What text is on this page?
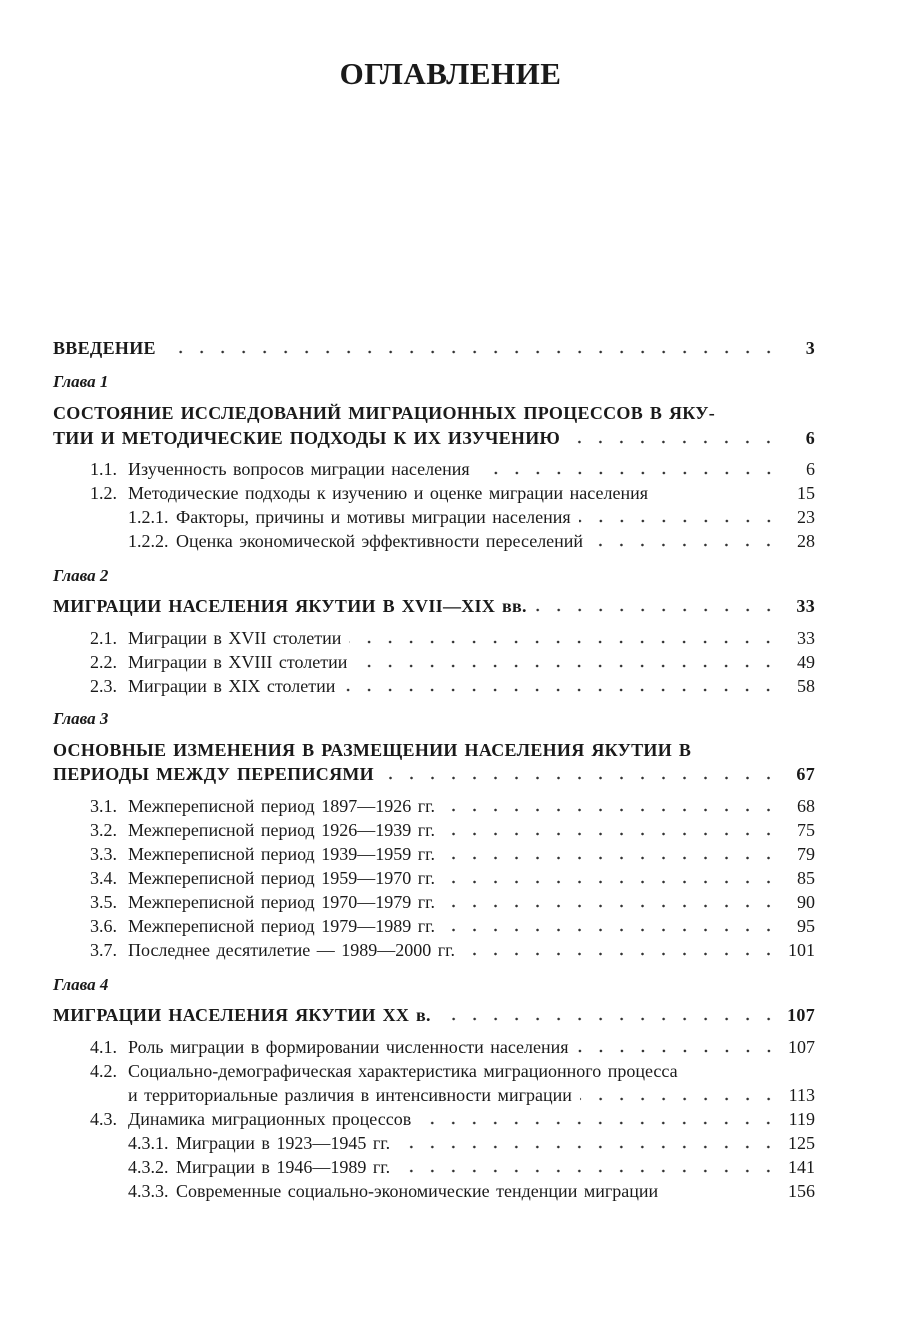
ОГЛАВЛЕНИЕ
ВВЕДЕНИЕ	3
Глава 1
СОСТОЯНИЕ ИССЛЕДОВАНИЙ МИГРАЦИОННЫХ ПРОЦЕССОВ В ЯКУ-
ТИИ И МЕТОДИЧЕСКИЕ ПОДХОДЫ К ИХ ИЗУЧЕНИЮ	6
1.1. Изученность вопросов миграции населения	6
1.2. Методические подходы к изучению и оценке миграции населения	15
1.2.1. Факторы, причины и мотивы миграции населения	23
1.2.2. Оценка экономической эффективности переселений	28
Глава 2
МИГРАЦИИ НАСЕЛЕНИЯ ЯКУТИИ В XVII—XIX вв.	33
2.1. Миграции в XVII столетии	33
2.2. Миграции в XVIII столетии	49
2.3. Миграции в XIX столетии	58
Глава 3
ОСНОВНЫЕ ИЗМЕНЕНИЯ В РАЗМЕЩЕНИИ НАСЕЛЕНИЯ ЯКУТИИ В
ПЕРИОДЫ МЕЖДУ ПЕРЕПИСЯМИ	67
3.1. Межпереписной период 1897—1926 гг.	68
3.2. Межпереписной период 1926—1939 гг.	75
3.3. Межпереписной период 1939—1959 гг.	79
3.4. Межпереписной период 1959—1970 гг.	85
3.5. Межпереписной период 1970—1979 гг.	90
3.6. Межпереписной период 1979—1989 гг.	95
3.7. Последнее десятилетие — 1989—2000 гг.	101
Глава 4
МИГРАЦИИ НАСЕЛЕНИЯ ЯКУТИИ XX в.	107
4.1. Роль миграции в формировании численности населения	107
4.2. Социально-демографическая характеристика миграционного процесса
и территориальные различия в интенсивности миграции	113
4.3. Динамика миграционных процессов	119
4.3.1. Миграции в 1923—1945 гг.	125
4.3.2. Миграции в 1946—1989 гг.	141
4.3.3. Современные социально-экономические тенденции миграции	156
